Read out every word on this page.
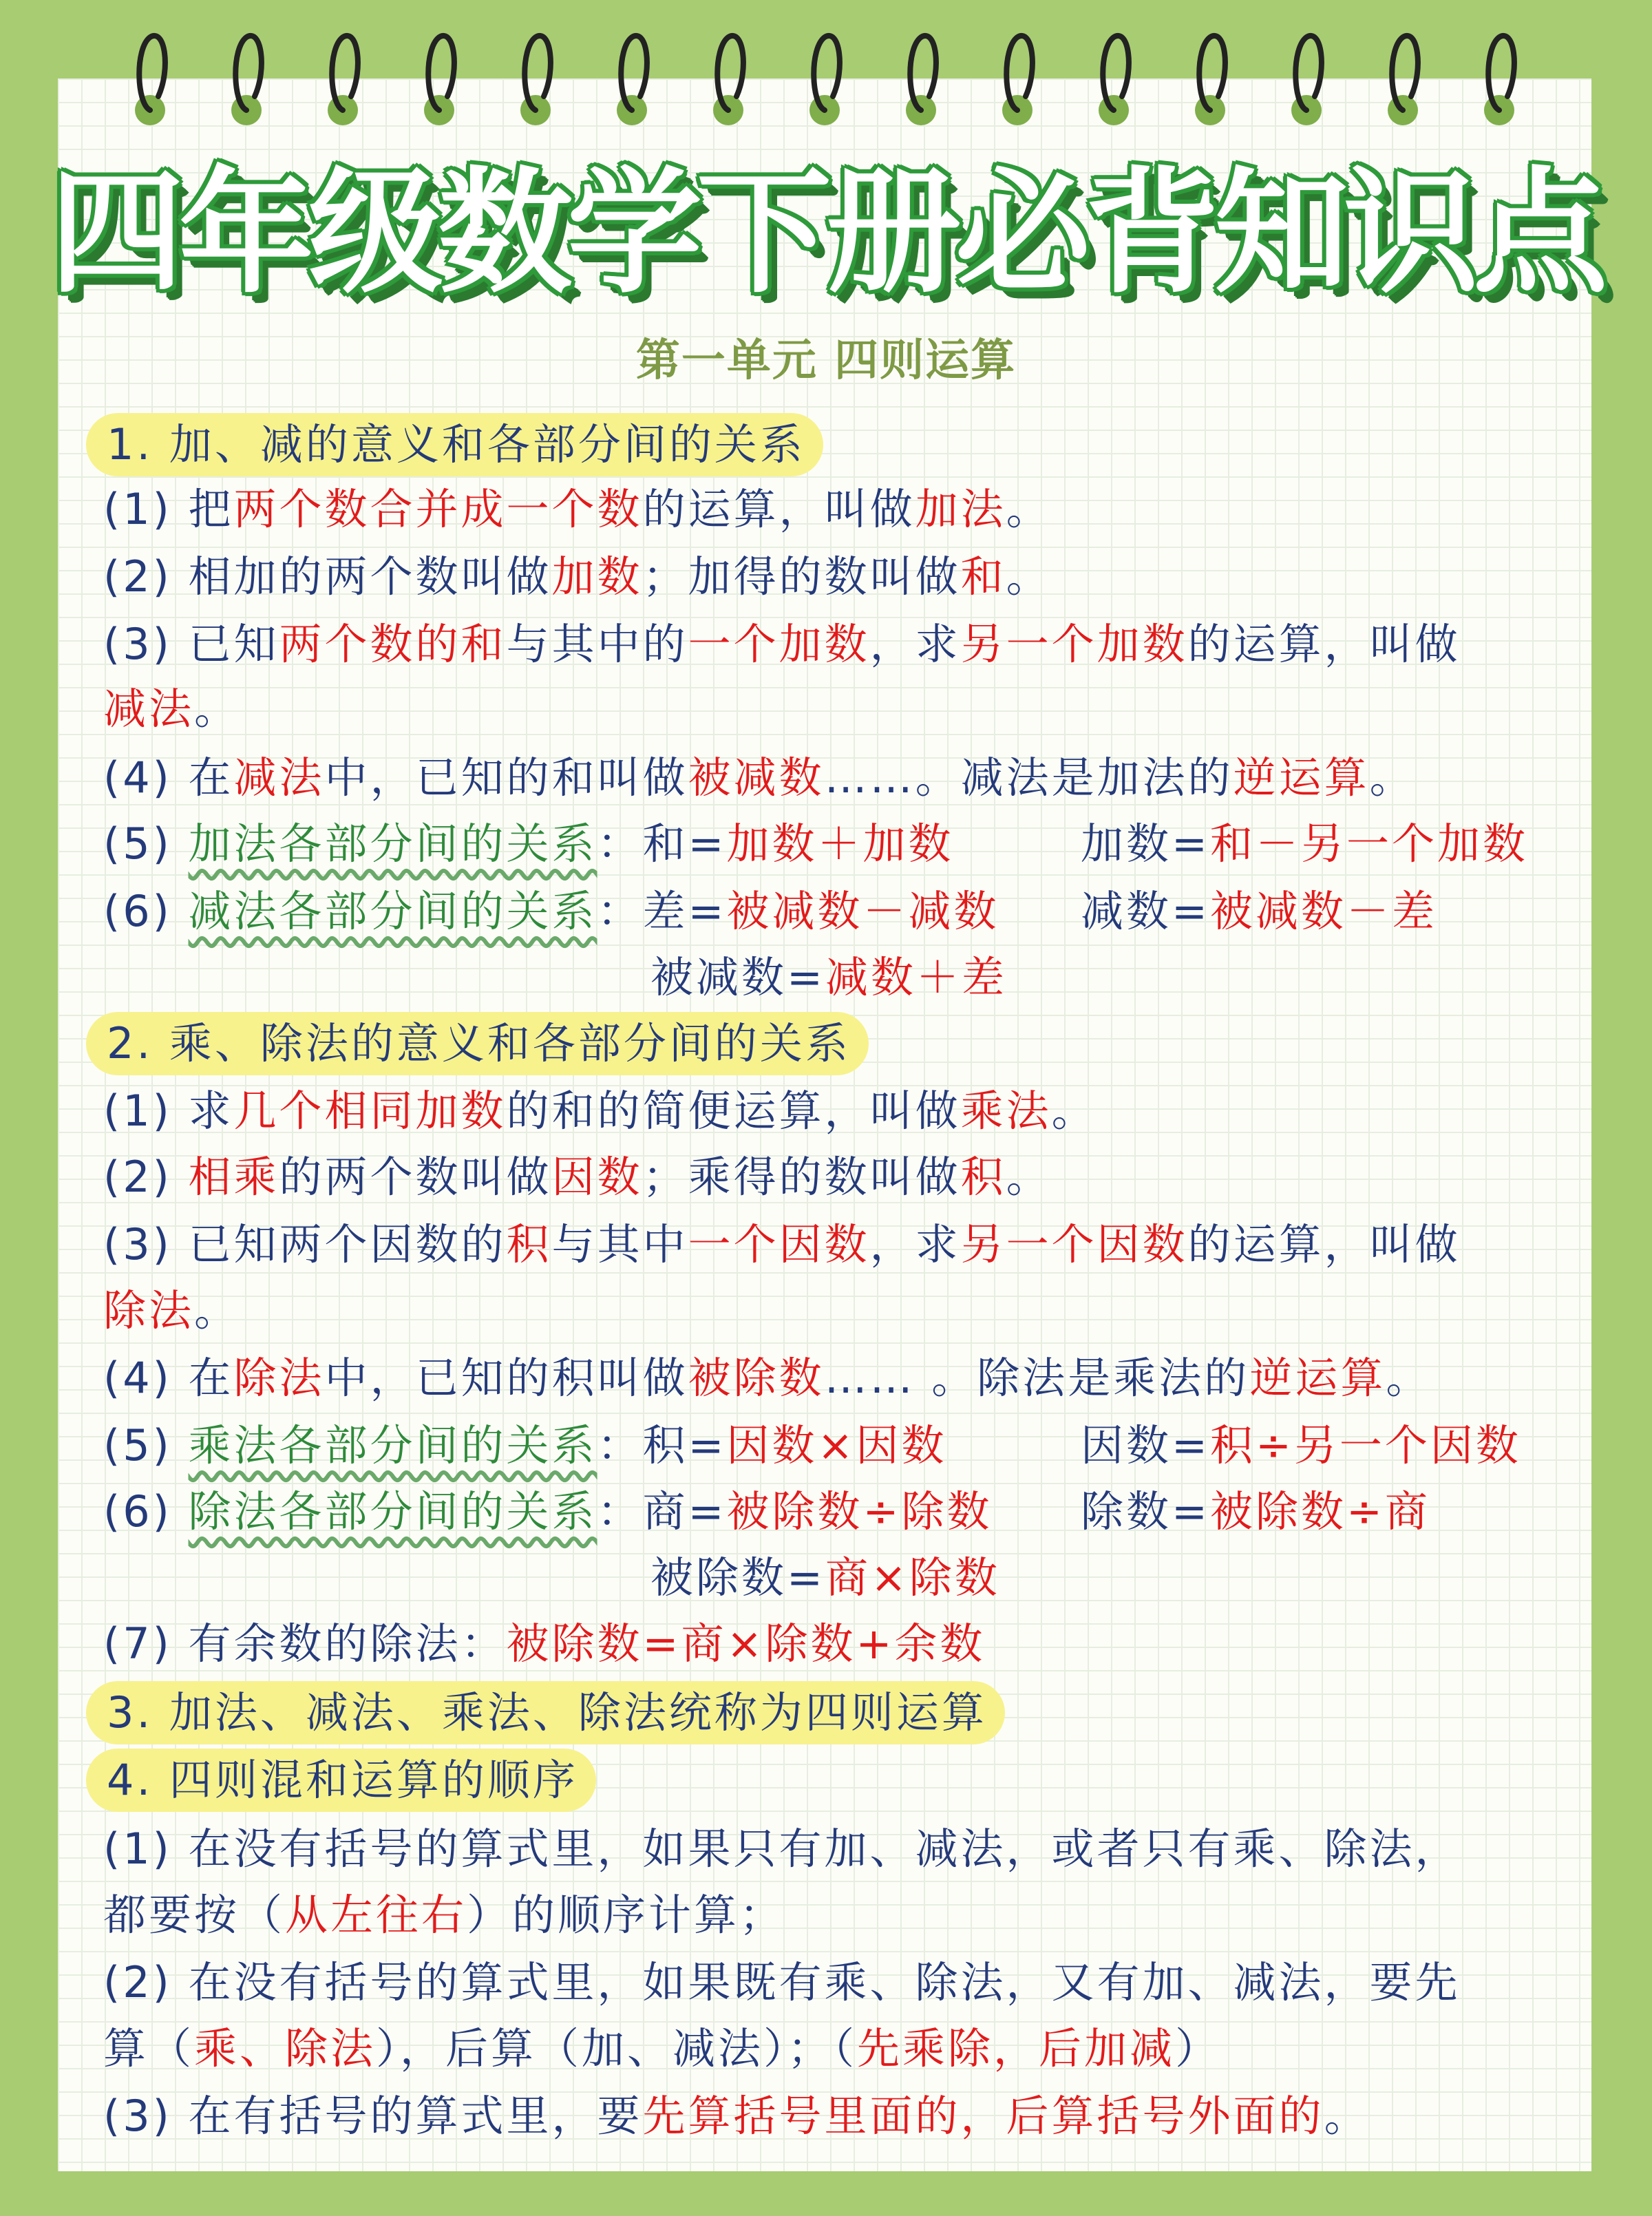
四年级数学下册必背知识点
第一单元 四则运算
1. 加、减的意义和各部分间的关系
(1) 把两个数合并成一个数的运算，叫做加法。
(2) 相加的两个数叫做加数；加得的数叫做和。
(3) 已知两个数的和与其中的一个加数，求另一个加数的运算，叫做
减法。
(4) 在减法中，已知的和叫做被减数……。减法是加法的逆运算。
(5) 加法各部分间的关系：和=加数＋加数	加数=和－另一个加数
(6) 减法各部分间的关系：差=被减数－减数 减数=被减数－差
被减数=减数＋差
2. 乘、除法的意义和各部分间的关系
(1) 求几个相同加数的和的简便运算，叫做乘法。
(2) 相乘的两个数叫做因数；乘得的数叫做积。
(3) 已知两个因数的积与其中一个因数，求另一个因数的运算，叫做
除法。
(4) 在除法中，已知的积叫做被除数…… 。除法是乘法的逆运算。
(5) 乘法各部分间的关系：积=因数×因数	因数=积÷另一个因数
(6) 除法各部分间的关系：商=被除数÷除数 除数=被除数÷商
被除数=商×除数
(7) 有余数的除法：被除数=商×除数+余数
3. 加法、减法、乘法、除法统称为四则运算
4. 四则混和运算的顺序
(1) 在没有括号的算式里，如果只有加、减法，或者只有乘、除法，
都要按（从左往右）的顺序计算；
(2) 在没有括号的算式里，如果既有乘、除法，又有加、减法，要先
算（乘、除法），后算（加、减法）；（先乘除，后加减）
(3) 在有括号的算式里，要先算括号里面的，后算括号外面的。
